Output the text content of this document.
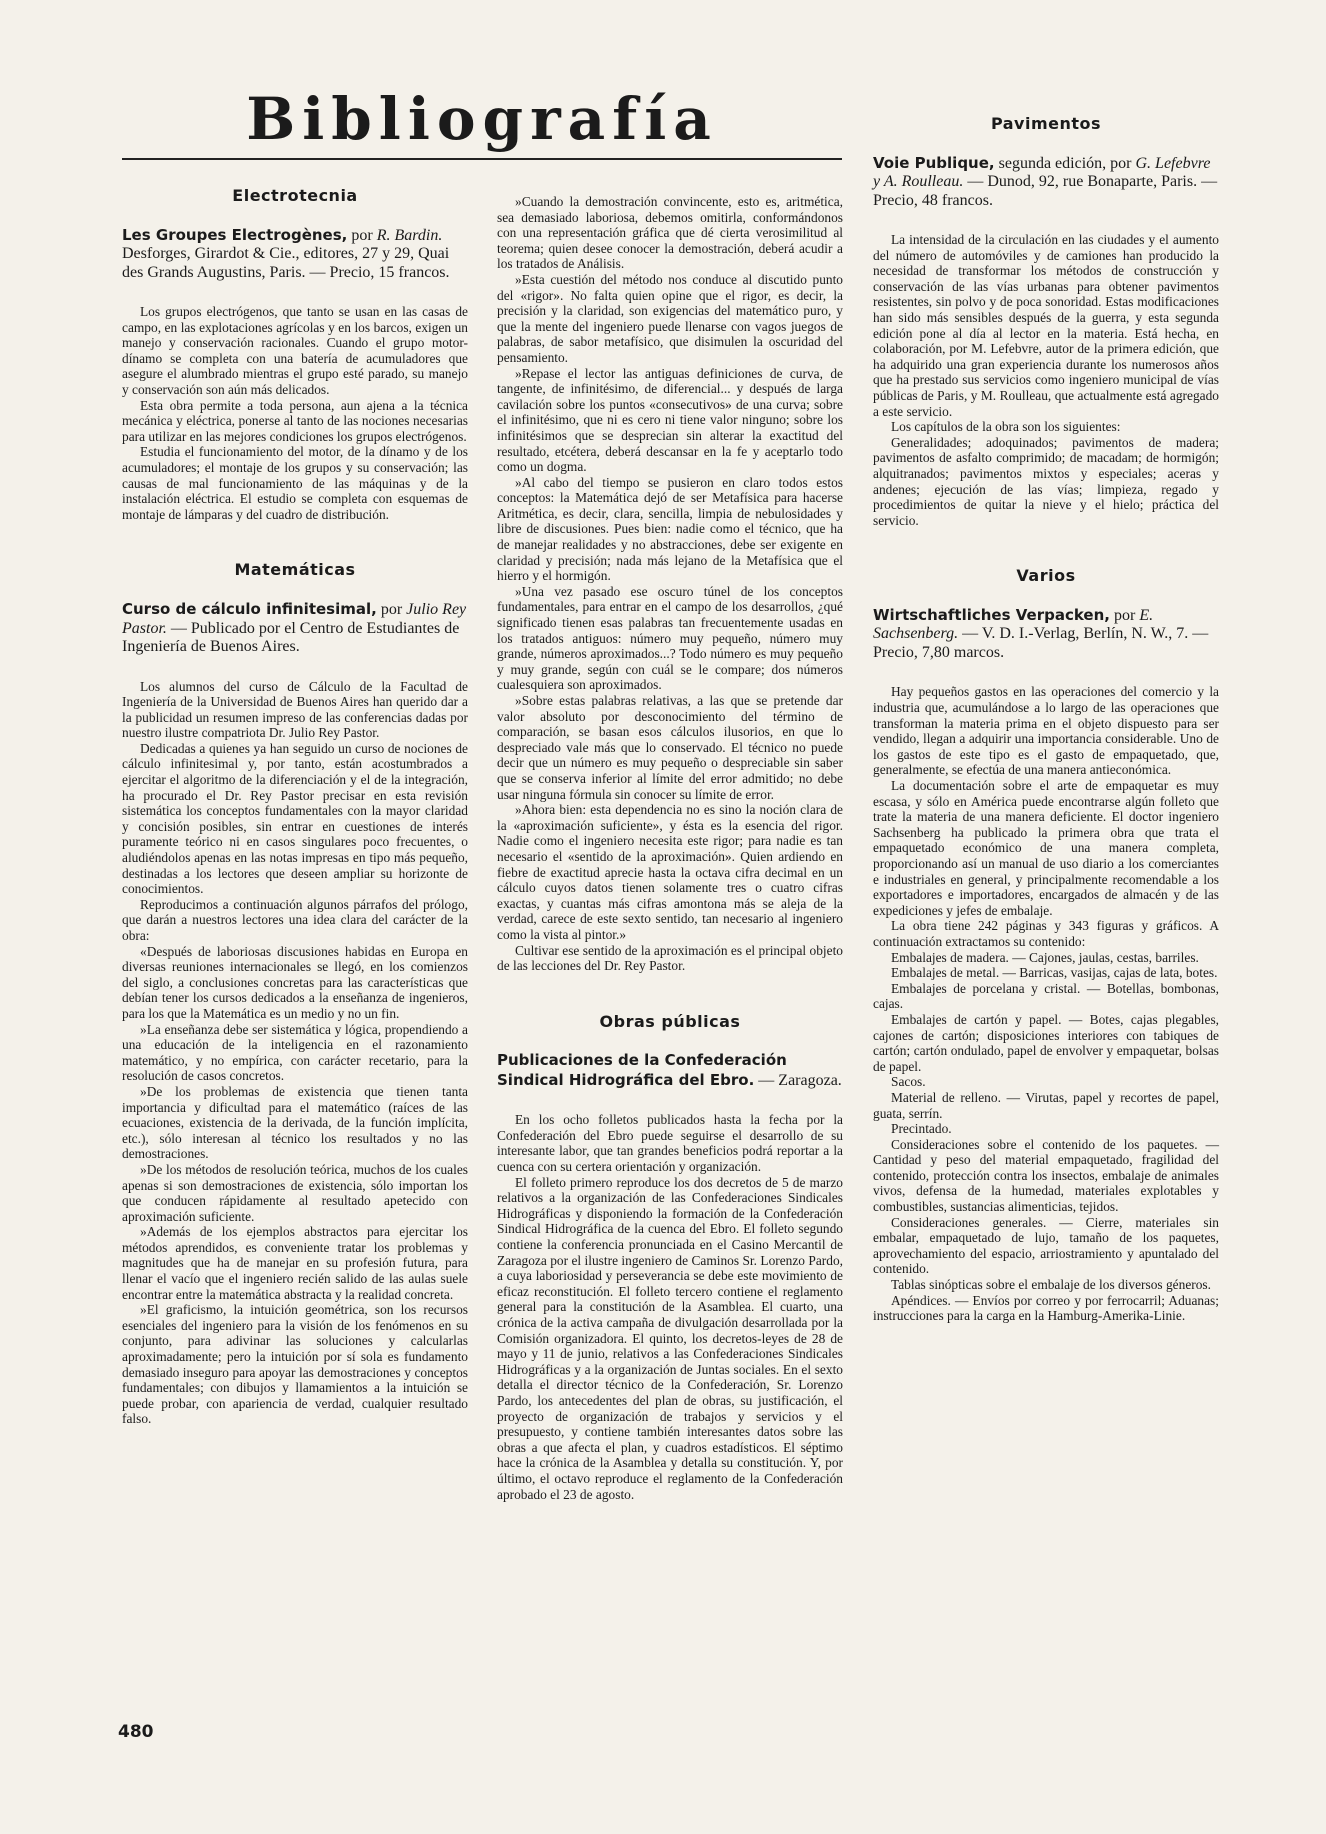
Bibliografía
Electrotecnia
Les Groupes Electrogènes, por R. Bardin. Desforges, Girardot & Cie., editores, 27 y 29, Quai des Grands Augustins, Paris. — Precio, 15 francos.

Los grupos electrógenos, que tanto se usan en las casas de campo, en las explotaciones agrícolas y en los barcos, exigen un manejo y conservación racionales. Cuando el grupo motor-dínamo se completa con una batería de acumuladores que asegure el alumbrado mientras el grupo esté parado, su manejo y conservación son aún más delicados.

Esta obra permite a toda persona, aun ajena a la técnica mecánica y eléctrica, ponerse al tanto de las nociones necesarias para utilizar en las mejores condiciones los grupos electrógenos.

Estudia el funcionamiento del motor, de la dínamo y de los acumuladores; el montaje de los grupos y su conservación; las causas de mal funcionamiento de las máquinas y de la instalación eléctrica. El estudio se completa con esquemas de montaje de lámparas y del cuadro de distribución.

Matemáticas
Curso de cálculo infinitesimal, por Julio Rey Pastor. — Publicado por el Centro de Estudiantes de Ingeniería de Buenos Aires.

Los alumnos del curso de Cálculo de la Facultad de Ingeniería de la Universidad de Buenos Aires han querido dar a la publicidad un resumen impreso de las conferencias dadas por nuestro ilustre compatriota Dr. Julio Rey Pastor.

Dedicadas a quienes ya han seguido un curso de nociones de cálculo infinitesimal y, por tanto, están acostumbrados a ejercitar el algoritmo de la diferenciación y el de la integración, ha procurado el Dr. Rey Pastor precisar en esta revisión sistemática los conceptos fundamentales con la mayor claridad y concisión posibles, sin entrar en cuestiones de interés puramente teórico ni en casos singulares poco frecuentes, o aludiéndolos apenas en las notas impresas en tipo más pequeño, destinadas a los lectores que deseen ampliar su horizonte de conocimientos.

Reproducimos a continuación algunos párrafos del prólogo, que darán a nuestros lectores una idea clara del carácter de la obra:

«Después de laboriosas discusiones habidas en Europa en diversas reuniones internacionales se llegó, en los comienzos del siglo, a conclusiones concretas para las características que debían tener los cursos dedicados a la enseñanza de ingenieros, para los que la Matemática es un medio y no un fin.

»La enseñanza debe ser sistemática y lógica, propendiendo a una educación de la inteligencia en el razonamiento matemático, y no empírica, con carácter recetario, para la resolución de casos concretos.

»De los problemas de existencia que tienen tanta importancia y dificultad para el matemático (raíces de las ecuaciones, existencia de la derivada, de la función implícita, etc.), sólo interesan al técnico los resultados y no las demostraciones.

»De los métodos de resolución teórica, muchos de los cuales apenas si son demostraciones de existencia, sólo importan los que conducen rápidamente al resultado apetecido con aproximación suficiente.

»Además de los ejemplos abstractos para ejercitar los métodos aprendidos, es conveniente tratar los problemas y magnitudes que ha de manejar en su profesión futura, para llenar el vacío que el ingeniero recién salido de las aulas suele encontrar entre la matemática abstracta y la realidad concreta.

»El graficismo, la intuición geométrica, son los recursos esenciales del ingeniero para la visión de los fenómenos en su conjunto, para adivinar las soluciones y calcularlas aproximadamente; pero la intuición por sí sola es fundamento demasiado inseguro para apoyar las demostraciones y conceptos fundamentales; con dibujos y llamamientos a la intuición se puede probar, con apariencia de verdad, cualquier resultado falso.

»Cuando la demostración convincente, esto es, aritmética, sea demasiado laboriosa, debemos omitirla, conformándonos con una representación gráfica que dé cierta verosimilitud al teorema; quien desee conocer la demostración, deberá acudir a los tratados de Análisis.

»Esta cuestión del método nos conduce al discutido punto del «rigor». No falta quien opine que el rigor, es decir, la precisión y la claridad, son exigencias del matemático puro, y que la mente del ingeniero puede llenarse con vagos juegos de palabras, de sabor metafísico, que disimulen la oscuridad del pensamiento.

»Repase el lector las antiguas definiciones de curva, de tangente, de infinitésimo, de diferencial... y después de larga cavilación sobre los puntos «consecutivos» de una curva; sobre el infinitésimo, que ni es cero ni tiene valor ninguno; sobre los infinitésimos que se desprecian sin alterar la exactitud del resultado, etcétera, deberá descansar en la fe y aceptarlo todo como un dogma.

»Al cabo del tiempo se pusieron en claro todos estos conceptos: la Matemática dejó de ser Metafísica para hacerse Aritmética, es decir, clara, sencilla, limpia de nebulosidades y libre de discusiones. Pues bien: nadie como el técnico, que ha de manejar realidades y no abstracciones, debe ser exigente en claridad y precisión; nada más lejano de la Metafísica que el hierro y el hormigón.

»Una vez pasado ese oscuro túnel de los conceptos fundamentales, para entrar en el campo de los desarrollos, ¿qué significado tienen esas palabras tan frecuentemente usadas en los tratados antiguos: número muy pequeño, número muy grande, números aproximados...? Todo número es muy pequeño y muy grande, según con cuál se le compare; dos números cualesquiera son aproximados.

»Sobre estas palabras relativas, a las que se pretende dar valor absoluto por desconocimiento del término de comparación, se basan esos cálculos ilusorios, en que lo despreciado vale más que lo conservado. El técnico no puede decir que un número es muy pequeño o despreciable sin saber que se conserva inferior al límite del error admitido; no debe usar ninguna fórmula sin conocer su límite de error.

»Ahora bien: esta dependencia no es sino la noción clara de la «aproximación suficiente», y ésta es la esencia del rigor. Nadie como el ingeniero necesita este rigor; para nadie es tan necesario el «sentido de la aproximación». Quien ardiendo en fiebre de exactitud aprecie hasta la octava cifra decimal en un cálculo cuyos datos tienen solamente tres o cuatro cifras exactas, y cuantas más cifras amontona más se aleja de la verdad, carece de este sexto sentido, tan necesario al ingeniero como la vista al pintor.»

Cultivar ese sentido de la aproximación es el principal objeto de las lecciones del Dr. Rey Pastor.

Obras públicas
Publicaciones de la Confederación Sindical Hidrográfica del Ebro. — Zaragoza.

En los ocho folletos publicados hasta la fecha por la Confederación del Ebro puede seguirse el desarrollo de su interesante labor, que tan grandes beneficios podrá reportar a la cuenca con su certera orientación y organización.

El folleto primero reproduce los dos decretos de 5 de marzo relativos a la organización de las Confederaciones Sindicales Hidrográficas y disponiendo la formación de la Confederación Sindical Hidrográfica de la cuenca del Ebro. El folleto segundo contiene la conferencia pronunciada en el Casino Mercantil de Zaragoza por el ilustre ingeniero de Caminos Sr. Lorenzo Pardo, a cuya laboriosidad y perseverancia se debe este movimiento de eficaz reconstitución. El folleto tercero contiene el reglamento general para la constitución de la Asamblea. El cuarto, una crónica de la activa campaña de divulgación desarrollada por la Comisión organizadora. El quinto, los decretos-leyes de 28 de mayo y 11 de junio, relativos a las Confederaciones Sindicales Hidrográficas y a la organización de Juntas sociales. En el sexto detalla el director técnico de la Confederación, Sr. Lorenzo Pardo, los antecedentes del plan de obras, su justificación, el proyecto de organización de trabajos y servicios y el presupuesto, y contiene también interesantes datos sobre las obras a que afecta el plan, y cuadros estadísticos. El séptimo hace la crónica de la Asamblea y detalla su constitución. Y, por último, el octavo reproduce el reglamento de la Confederación aprobado el 23 de agosto.

Pavimentos
Voie Publique, segunda edición, por G. Lefebvre y A. Roulleau. — Dunod, 92, rue Bonaparte, Paris. — Precio, 48 francos.

La intensidad de la circulación en las ciudades y el aumento del número de automóviles y de camiones han producido la necesidad de transformar los métodos de construcción y conservación de las vías urbanas para obtener pavimentos resistentes, sin polvo y de poca sonoridad. Estas modificaciones han sido más sensibles después de la guerra, y esta segunda edición pone al día al lector en la materia. Está hecha, en colaboración, por M. Lefebvre, autor de la primera edición, que ha adquirido una gran experiencia durante los numerosos años que ha prestado sus servicios como ingeniero municipal de vías públicas de Paris, y M. Roulleau, que actualmente está agregado a este servicio.

Los capítulos de la obra son los siguientes:

Generalidades; adoquinados; pavimentos de madera; pavimentos de asfalto comprimido; de macadam; de hormigón; alquitranados; pavimentos mixtos y especiales; aceras y andenes; ejecución de las vías; limpieza, regado y procedimientos de quitar la nieve y el hielo; práctica del servicio.

Varios
Wirtschaftliches Verpacken, por E. Sachsenberg. — V. D. I.-Verlag, Berlín, N. W., 7. — Precio, 7,80 marcos.

Hay pequeños gastos en las operaciones del comercio y la industria que, acumulándose a lo largo de las operaciones que transforman la materia prima en el objeto dispuesto para ser vendido, llegan a adquirir una importancia considerable. Uno de los gastos de este tipo es el gasto de empaquetado, que, generalmente, se efectúa de una manera antieconómica.

La documentación sobre el arte de empaquetar es muy escasa, y sólo en América puede encontrarse algún folleto que trate la materia de una manera deficiente. El doctor ingeniero Sachsenberg ha publicado la primera obra que trata el empaquetado económico de una manera completa, proporcionando así un manual de uso diario a los comerciantes e industriales en general, y principalmente recomendable a los exportadores e importadores, encargados de almacén y de las expediciones y jefes de embalaje.

La obra tiene 242 páginas y 343 figuras y gráficos. A continuación extractamos su contenido:

Embalajes de madera. — Cajones, jaulas, cestas, barriles.

Embalajes de metal. — Barricas, vasijas, cajas de lata, botes.

Embalajes de porcelana y cristal. — Botellas, bombonas, cajas.

Embalajes de cartón y papel. — Botes, cajas plegables, cajones de cartón; disposiciones interiores con tabiques de cartón; cartón ondulado, papel de envolver y empaquetar, bolsas de papel.

Sacos.

Material de relleno. — Virutas, papel y recortes de papel, guata, serrín.

Precintado.

Consideraciones sobre el contenido de los paquetes. — Cantidad y peso del material empaquetado, fragilidad del contenido, protección contra los insectos, embalaje de animales vivos, defensa de la humedad, materiales explotables y combustibles, sustancias alimenticias, tejidos.

Consideraciones generales. — Cierre, materiales sin embalar, empaquetado de lujo, tamaño de los paquetes, aprovechamiento del espacio, arriostramiento y apuntalado del contenido.

Tablas sinópticas sobre el embalaje de los diversos géneros.

Apéndices. — Envíos por correo y por ferrocarril; Aduanas; instrucciones para la carga en la Hamburg-Amerika-Linie.

480
